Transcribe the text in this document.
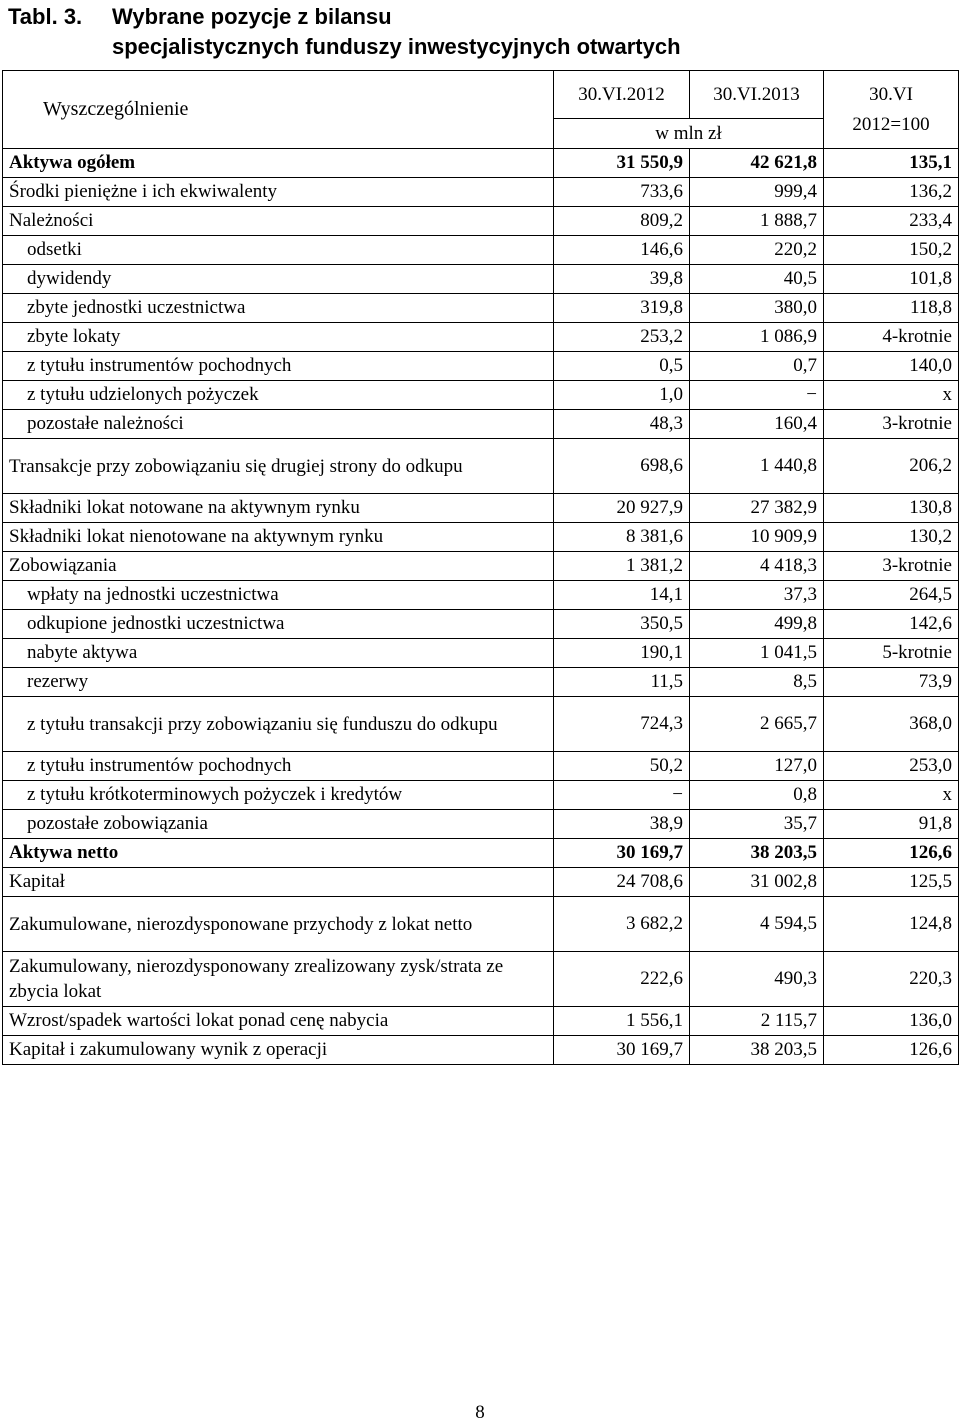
Tabl. 3. Wybrane pozycje z bilansu
specjalistycznych funduszy inwestycyjnych otwartych
Wyszczególnienie	30.VI.2012	30.VI.2013	30.VI
2012=100
	w mln zł		
Aktywa ogółem	31 550,9	42 621,8	135,1
Środki pieniężne i ich ekwiwalenty	733,6	999,4	136,2
Należności	809,2	1 888,7	233,4
odsetki	146,6	220,2	150,2
dywidendy	39,8	40,5	101,8
zbyte jednostki uczestnictwa	319,8	380,0	118,8
zbyte lokaty	253,2	1 086,9	4-krotnie
z tytułu instrumentów pochodnych	0,5	0,7	140,0
z tytułu udzielonych pożyczek	1,0	−	x
pozostałe należności	48,3	160,4	3-krotnie
Transakcje przy zobowiązaniu się drugiej strony do odkupu	698,6	1 440,8	206,2
Składniki lokat notowane na aktywnym rynku	20 927,9	27 382,9	130,8
Składniki lokat nienotowane na aktywnym rynku	8 381,6	10 909,9	130,2
Zobowiązania	1 381,2	4 418,3	3-krotnie
wpłaty na jednostki uczestnictwa	14,1	37,3	264,5
odkupione jednostki uczestnictwa	350,5	499,8	142,6
nabyte aktywa	190,1	1 041,5	5-krotnie
rezerwy	11,5	8,5	73,9
z tytułu transakcji przy zobowiązaniu się funduszu do odkupu	724,3	2 665,7	368,0
z tytułu instrumentów pochodnych	50,2	127,0	253,0
z tytułu krótkoterminowych pożyczek i kredytów	−	0,8	x
pozostałe zobowiązania	38,9	35,7	91,8
Aktywa netto	30 169,7	38 203,5	126,6
Kapitał	24 708,6	31 002,8	125,5
Zakumulowane, nierozdysponowane przychody z lokat netto	3 682,2	4 594,5	124,8
Zakumulowany, nierozdysponowany zrealizowany zysk/strata ze zbycia lokat	222,6	490,3	220,3
Wzrost/spadek wartości lokat ponad cenę nabycia	1 556,1	2 115,7	136,0
Kapitał i zakumulowany wynik z operacji	30 169,7	38 203,5	126,6
8
